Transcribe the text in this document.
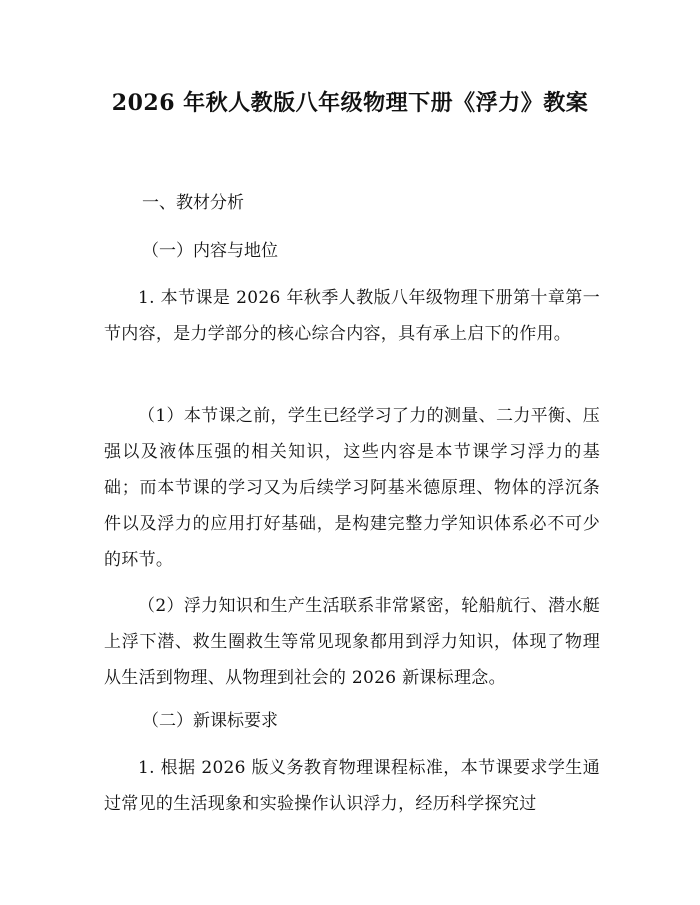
2026 年秋人教版八年级物理下册《浮力》教案

一、教材分析

（一）内容与地位

1. 本节课是 2026 年秋季人教版八年级物理下册第十章第一节内容，是力学部分的核心综合内容，具有承上启下的作用。

（1）本节课之前，学生已经学习了力的测量、二力平衡、压强以及液体压强的相关知识，这些内容是本节课学习浮力的基础；而本节课的学习又为后续学习阿基米德原理、物体的浮沉条件以及浮力的应用打好基础，是构建完整力学知识体系必不可少的环节。

（2）浮力知识和生产生活联系非常紧密，轮船航行、潜水艇上浮下潜、救生圈救生等常见现象都用到浮力知识，体现了物理从生活到物理、从物理到社会的 2026 新课标理念。

（二）新课标要求

1. 根据 2026 版义务教育物理课程标准，本节课要求学生通过常见的生活现象和实验操作认识浮力，经历科学探究过
